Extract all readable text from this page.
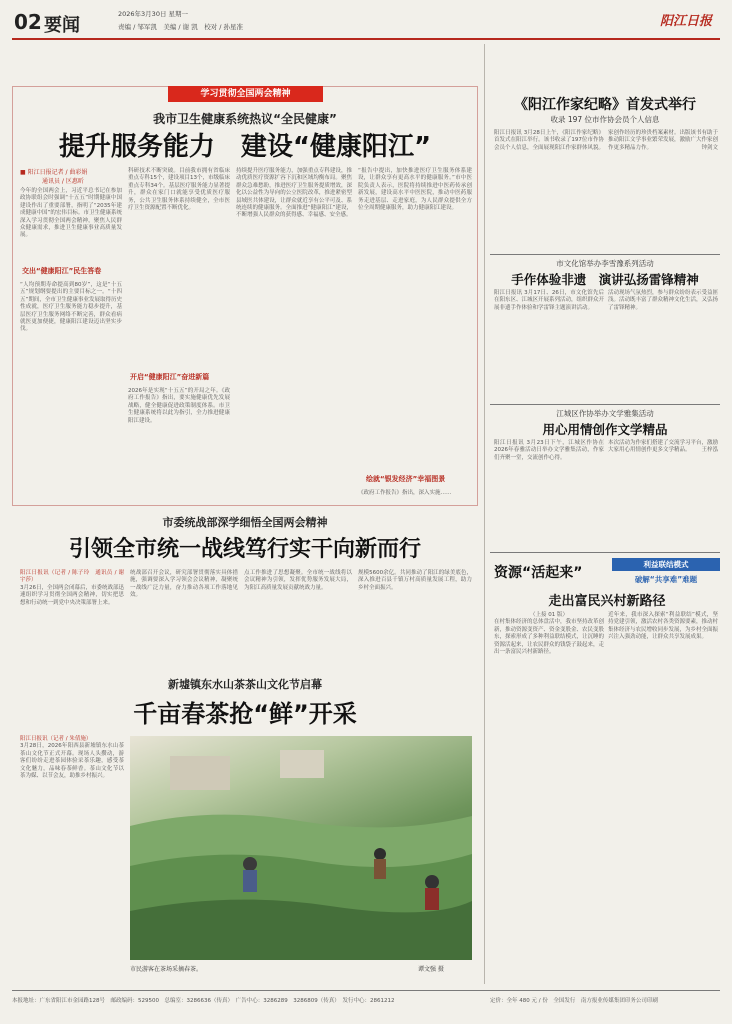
02 要闻
2026年3月30日 星期一
责编 / 邹军凯　美编 / 谢 凯　校对 / 孙星准	阳江日报
学习贯彻全国两会精神
我市卫生健康系统热议“全民健康”
提升服务能力　建设“健康阳江”
■ 阳江日报记者 / 曲彩娟
通讯员 / 区惠昕
今年的全国两会上，习近平总书记在参加政协联组会时强调“十五五”时期健康中国建设作出了重要部署，指明了“2035年建成健康中国”的宏伟目标。市卫生健康系统深入学习贯彻全国两会精神，聚焦人民群众健康需求，推进卫生健康事业高质量发展。
交出“健康阳江”民生答卷
“人均预期寿命提高到80岁”，这是“十五五”规划纲要提出的主要目标之一。“十四五”期间，全市卫生健康事业发展取得历史性成就，医疗卫生服务能力稳步提升，基层医疗卫生服务网络不断完善，群众看病就医更加便捷，健康阳江建设迈出坚实步伐。
科研技术不断突破。目前我市拥有省临床重点专科15个，建设项目13个，市级临床重点专科34个。基层医疗服务能力显著提升，群众在家门口就能享受优质医疗服务，公共卫生服务体系持续健全，全市医疗卫生资源配置不断优化。
开启“健康阳江”奋进新篇
2026年是实现“十五五”的开局之年。《政府工作报告》指出，要实施健康优先发展战略，健全健康促进政策制度体系。市卫生健康系统将以此为指引，全力推进健康阳江建设。
持续提升医疗服务能力，加强重点专科建设，推动优质医疗资源扩容下沉和区域均衡布局。聚焦群众急难愁盼，推进医疗卫生服务提质增效，深化以公益性为导向的公立医院改革，推进紧密型县域医共体建设，让群众就近享有公平可及、系统连续的健康服务。全面推进“健康阳江”建设，不断增强人民群众的获得感、幸福感、安全感。
“报告中提出，加快推进医疗卫生服务体系建设，让群众享有更高水平的健康服务。”市中医院负责人表示，医院将持续推进中医药传承创新发展，建设高水平中医医院，推动中医药服务走进基层、走进家庭，为人民群众提供全方位全周期健康服务，助力健康阳江建设。
绘就“银发经济”幸福图景
《政府工作报告》指出，深入实施……
市委统战部深学细悟全国两会精神
引领全市统一战线笃行实干向新而行
阳江日报讯（记者 / 陈子玲　通讯员 / 谢宇莎）
3月26日，全国两会闭幕后，市委统战部迅速组织学习贯彻全国两会精神，切实把思想和行动统一到党中央决策部署上来。
统战部召开会议，研究部署贯彻落实具体措施，强调要深入学习领会会议精神，凝聚统一战线广泛力量，奋力推动各项工作落地见效。
点工作推进了思想凝聚。全市统一战线将以会议精神为引领，发挥优势服务发展大局，为阳江高质量发展贡献统战力量。
规模5600余亿。共同推动了阳江的绿美底色，深入推进百县千镇万村高质量发展工程，助力乡村全面振兴。
新墟镇东水山茶茶山文化节启幕
千亩春茶抢“鲜”开采
阳江日报讯（记者 / 朱倩施）
3月28日，2026年阳西县新墟镇东水山茶茶山文化节正式开幕。现场人头攒动，游客们纷纷走进茶园体验采茶乐趣，感受茶文化魅力，品味春茶鲜香。茶山文化节以茶为媒、以节会友，助推乡村振兴。
市民游客在茶场采摘春茶。	谭文强 摄
《阳江作家纪略》首发式举行
收录 197 位市作协会员个人信息
阳江日报讯 3月28日上午，《阳江作家纪略》首发式在阳江举行。该书收录了197位市作协会员个人信息，全面展现阳江作家群体风貌。
家创作经历的珍贵档案素材。出版该书有助于推动阳江文学事业繁荣发展，激励广大作家创作更多精品力作。	钟剑文
市文化馆举办李雪豫系列活动
手作体验非遗　演讲弘扬雷锋精神
阳江日报讯 3月17日、26日，市文化馆先后在阳东区、江城区开展系列活动，组织群众开展非遗手作体验和学雷锋主题演讲活动。
活动现场气氛热烈，参与群众纷纷表示受益匪浅。活动既丰富了群众精神文化生活，又弘扬了雷锋精神。
江城区作协举办文学雅集活动
用心用情创作文学精品
阳江日报讯 3月23日下午，江城区作协在2026年春雅活动日举办文学雅集活动，作家们齐聚一堂，交流创作心得。
本次活动为作家们搭建了交流学习平台，激励大家用心用情创作更多文学精品。 王梓泓
利益联结模式
破解“共享难”难题
资源“活起来”
走出富民兴村新路径
（上接 01 版）
在村集体经济的总体盘活中，我市坚持改革创新，推动资源变资产、资金变股金、农民变股东，探索形成了多种利益联结模式，让沉睡的资源活起来，让农民群众的钱袋子鼓起来，走出一条富民兴村新路径。
近年来，我市深入探索“利益联结”模式，坚持党建引领，激活农村各类资源要素，推动村集体经济与农民增收同步发展，为乡村全面振兴注入强劲动能，让群众共享发展成果。
本报地址：广东省阳江市金园路128号　邮政编码：529500　总编室：3286636（传真）　广告中心：3286289　3286809（传真）　发行中心：2861212	定价：全年 480 元 / 份　全国发行　南方报业传媒集团印务公司印刷
